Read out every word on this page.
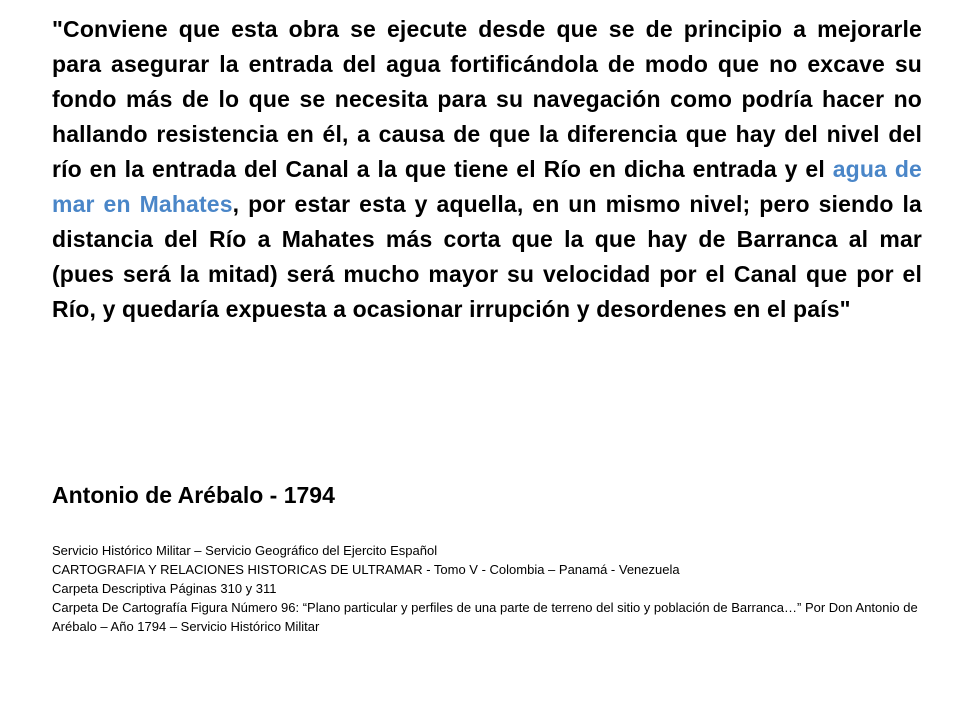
"Conviene que esta obra se ejecute desde que se de principio a mejorarle para asegurar la entrada del agua fortificándola de modo que no excave su fondo más de lo que se necesita para su navegación como podría hacer no hallando resistencia en él, a causa de que la diferencia que hay del nivel del río en la entrada del Canal a la que tiene el Río en dicha entrada y el agua de mar en Mahates, por estar esta y aquella, en un mismo nivel; pero siendo la distancia del Río a Mahates más corta que la que hay de Barranca al mar (pues será la mitad) será mucho mayor su velocidad por el Canal que por el Río, y quedaría expuesta a ocasionar irrupción y desordenes en el país"

Antonio de Arébalo - 1794

Servicio Histórico Militar – Servicio Geográfico del Ejercito Español
CARTOGRAFIA Y RELACIONES HISTORICAS DE ULTRAMAR - Tomo V - Colombia – Panamá - Venezuela
Carpeta Descriptiva Páginas 310 y 311
Carpeta De Cartografía Figura Número 96: “Plano particular y perfiles de una parte de terreno del sitio y población de Barranca…” Por Don Antonio de Arébalo – Año 1794 – Servicio Histórico Militar
